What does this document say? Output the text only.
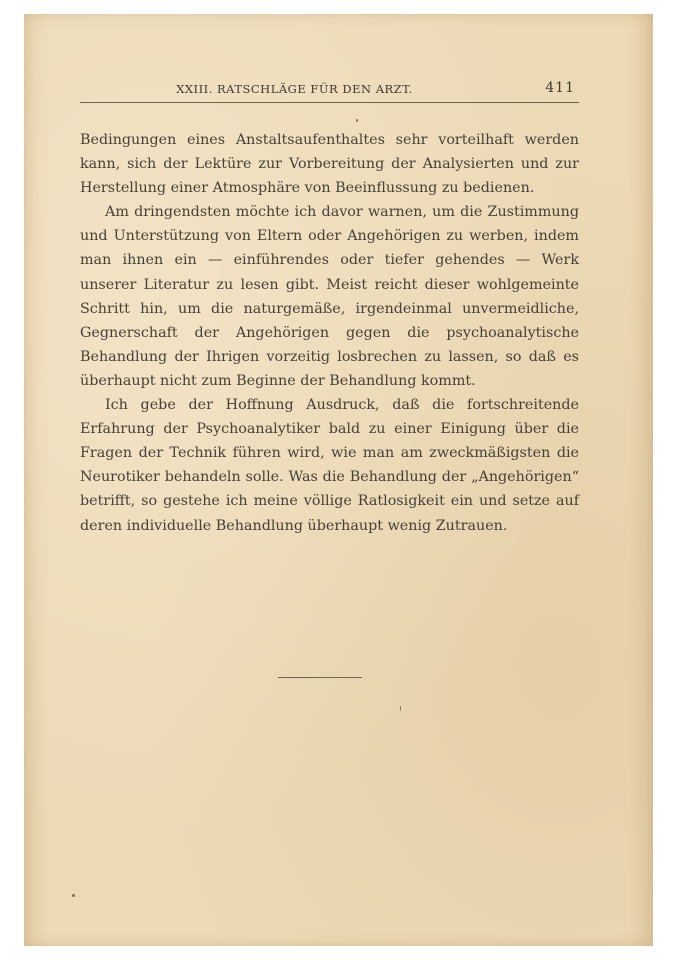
XXIII. RATSCHLÄGE FÜR DEN ARZT.	411

Bedingungen eines Anstaltsaufenthaltes sehr vorteilhaft werden kann, sich der Lektüre zur Vorbereitung der Analysierten und zur Herstellung einer Atmosphäre von Beeinflussung zu bedienen.

Am dringendsten möchte ich davor warnen, um die Zustimmung und Unterstützung von Eltern oder Angehörigen zu werben, indem man ihnen ein — einführendes oder tiefer gehendes — Werk unserer Literatur zu lesen gibt. Meist reicht dieser wohlgemeinte Schritt hin, um die naturgemäße, irgendeinmal unvermeidliche, Gegnerschaft der Angehörigen gegen die psychoanalytische Behandlung der Ihrigen vorzeitig losbrechen zu lassen, so daß es überhaupt nicht zum Beginne der Behandlung kommt.

Ich gebe der Hoffnung Ausdruck, daß die fortschreitende Erfahrung der Psychoanalytiker bald zu einer Einigung über die Fragen der Technik führen wird, wie man am zweckmäßigsten die Neurotiker behandeln solle. Was die Behandlung der „Angehörigen“ betrifft, so gestehe ich meine völlige Ratlosigkeit ein und setze auf deren individuelle Behandlung überhaupt wenig Zutrauen.
